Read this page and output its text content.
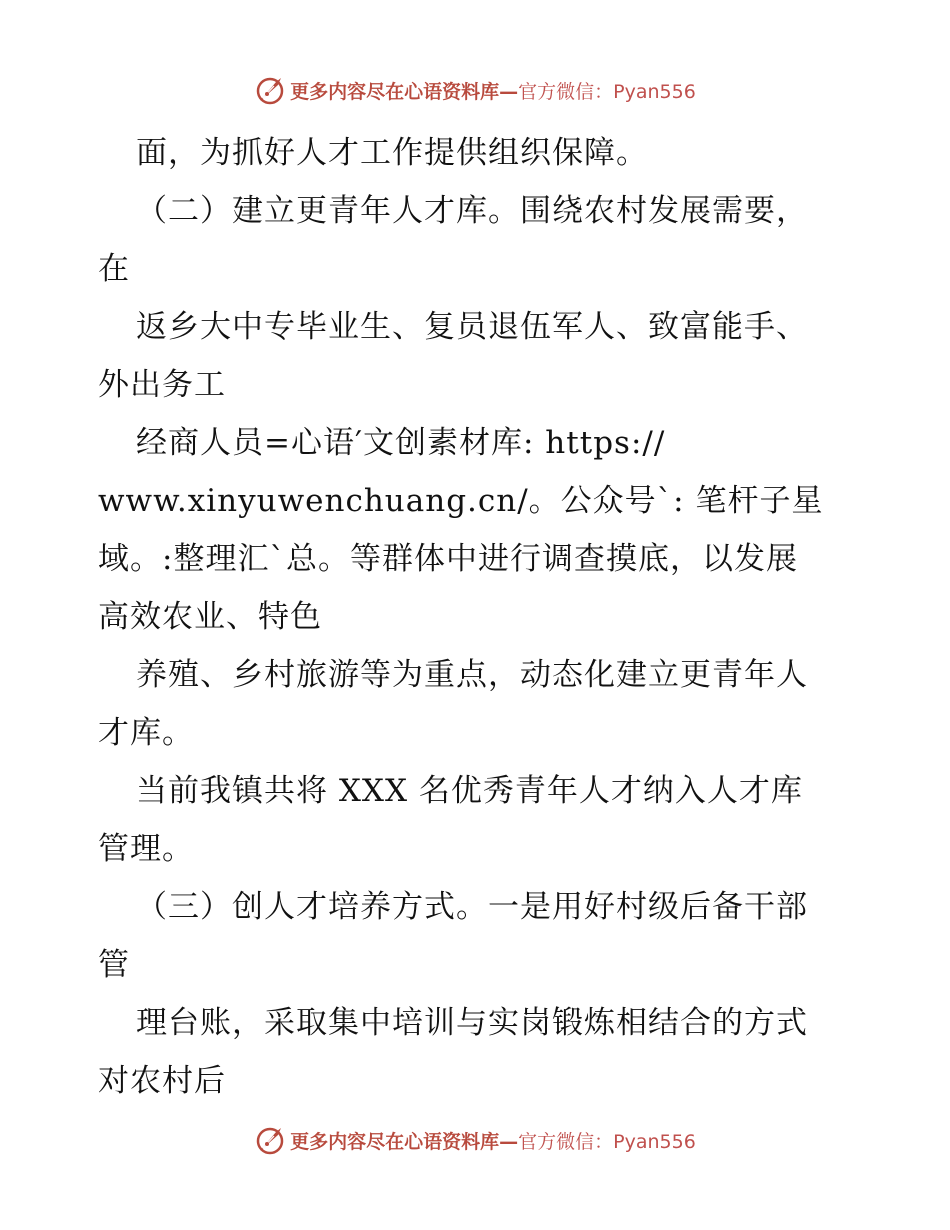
更多内容尽在心语资料库—官方微信：Pyan556
面，为抓好人才工作提供组织保障。
（二）建立更青年人才库。围绕农村发展需要，
在
返乡大中专毕业生、复员退伍军人、致富能手、
外出务工
经商人员=心语′文创素材库: https://
www.xinyuwenchuang.cn/。公众号`: 笔杆子星
域。:整理汇`总。等群体中进行调查摸底，以发展
高效农业、特色
养殖、乡村旅游等为重点，动态化建立更青年人
才库。
当前我镇共将 XXX 名优秀青年人才纳入人才库
管理。
（三）创人才培养方式。一是用好村级后备干部
管
理台账，采取集中培训与实岗锻炼相结合的方式
对农村后
更多内容尽在心语资料库—官方微信：Pyan556
